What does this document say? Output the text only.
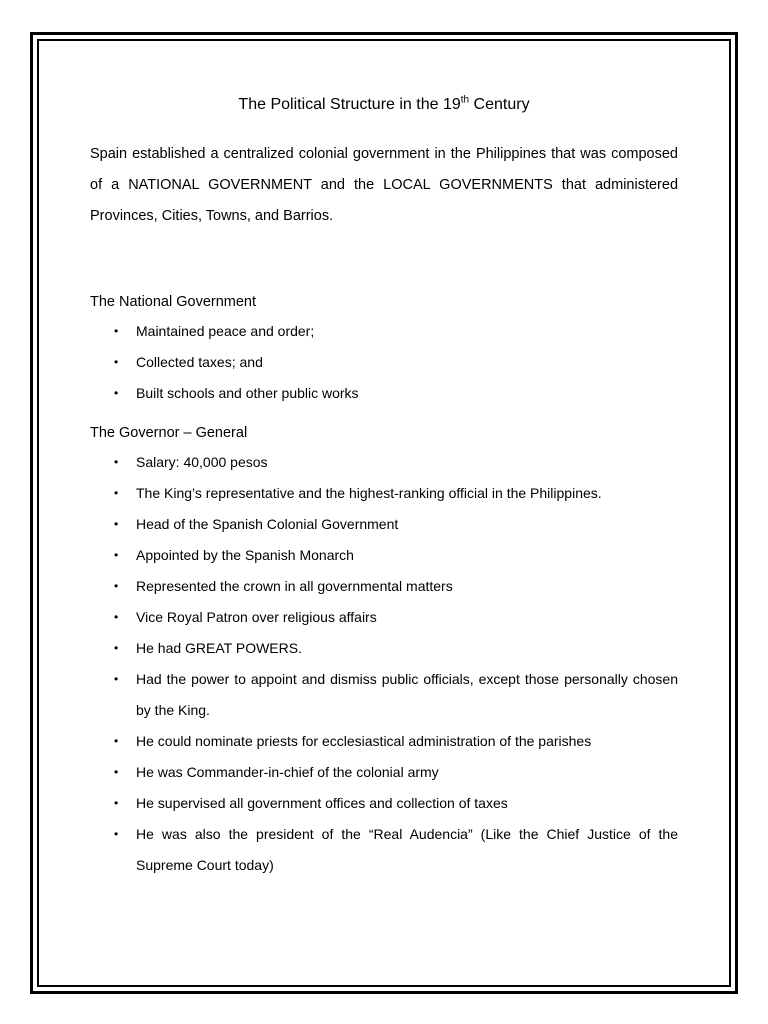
The Political Structure in the 19th Century

Spain established a centralized colonial government in the Philippines that was composed of a NATIONAL GOVERNMENT and the LOCAL GOVERNMENTS that administered Provinces, Cities, Towns, and Barrios.

The National Government
• Maintained peace and order;
• Collected taxes; and
• Built schools and other public works
The Governor – General
• Salary: 40,000 pesos
• The King’s representative and the highest-ranking official in the Philippines.
• Head of the Spanish Colonial Government
• Appointed by the Spanish Monarch
• Represented the crown in all governmental matters
• Vice Royal Patron over religious affairs
• He had GREAT POWERS.
• Had the power to appoint and dismiss public officials, except those personally chosen by the King.
• He could nominate priests for ecclesiastical administration of the parishes
• He was Commander-in-chief of the colonial army
• He supervised all government offices and collection of taxes
• He was also the president of the “Real Audencia” (Like the Chief Justice of the Supreme Court today)
